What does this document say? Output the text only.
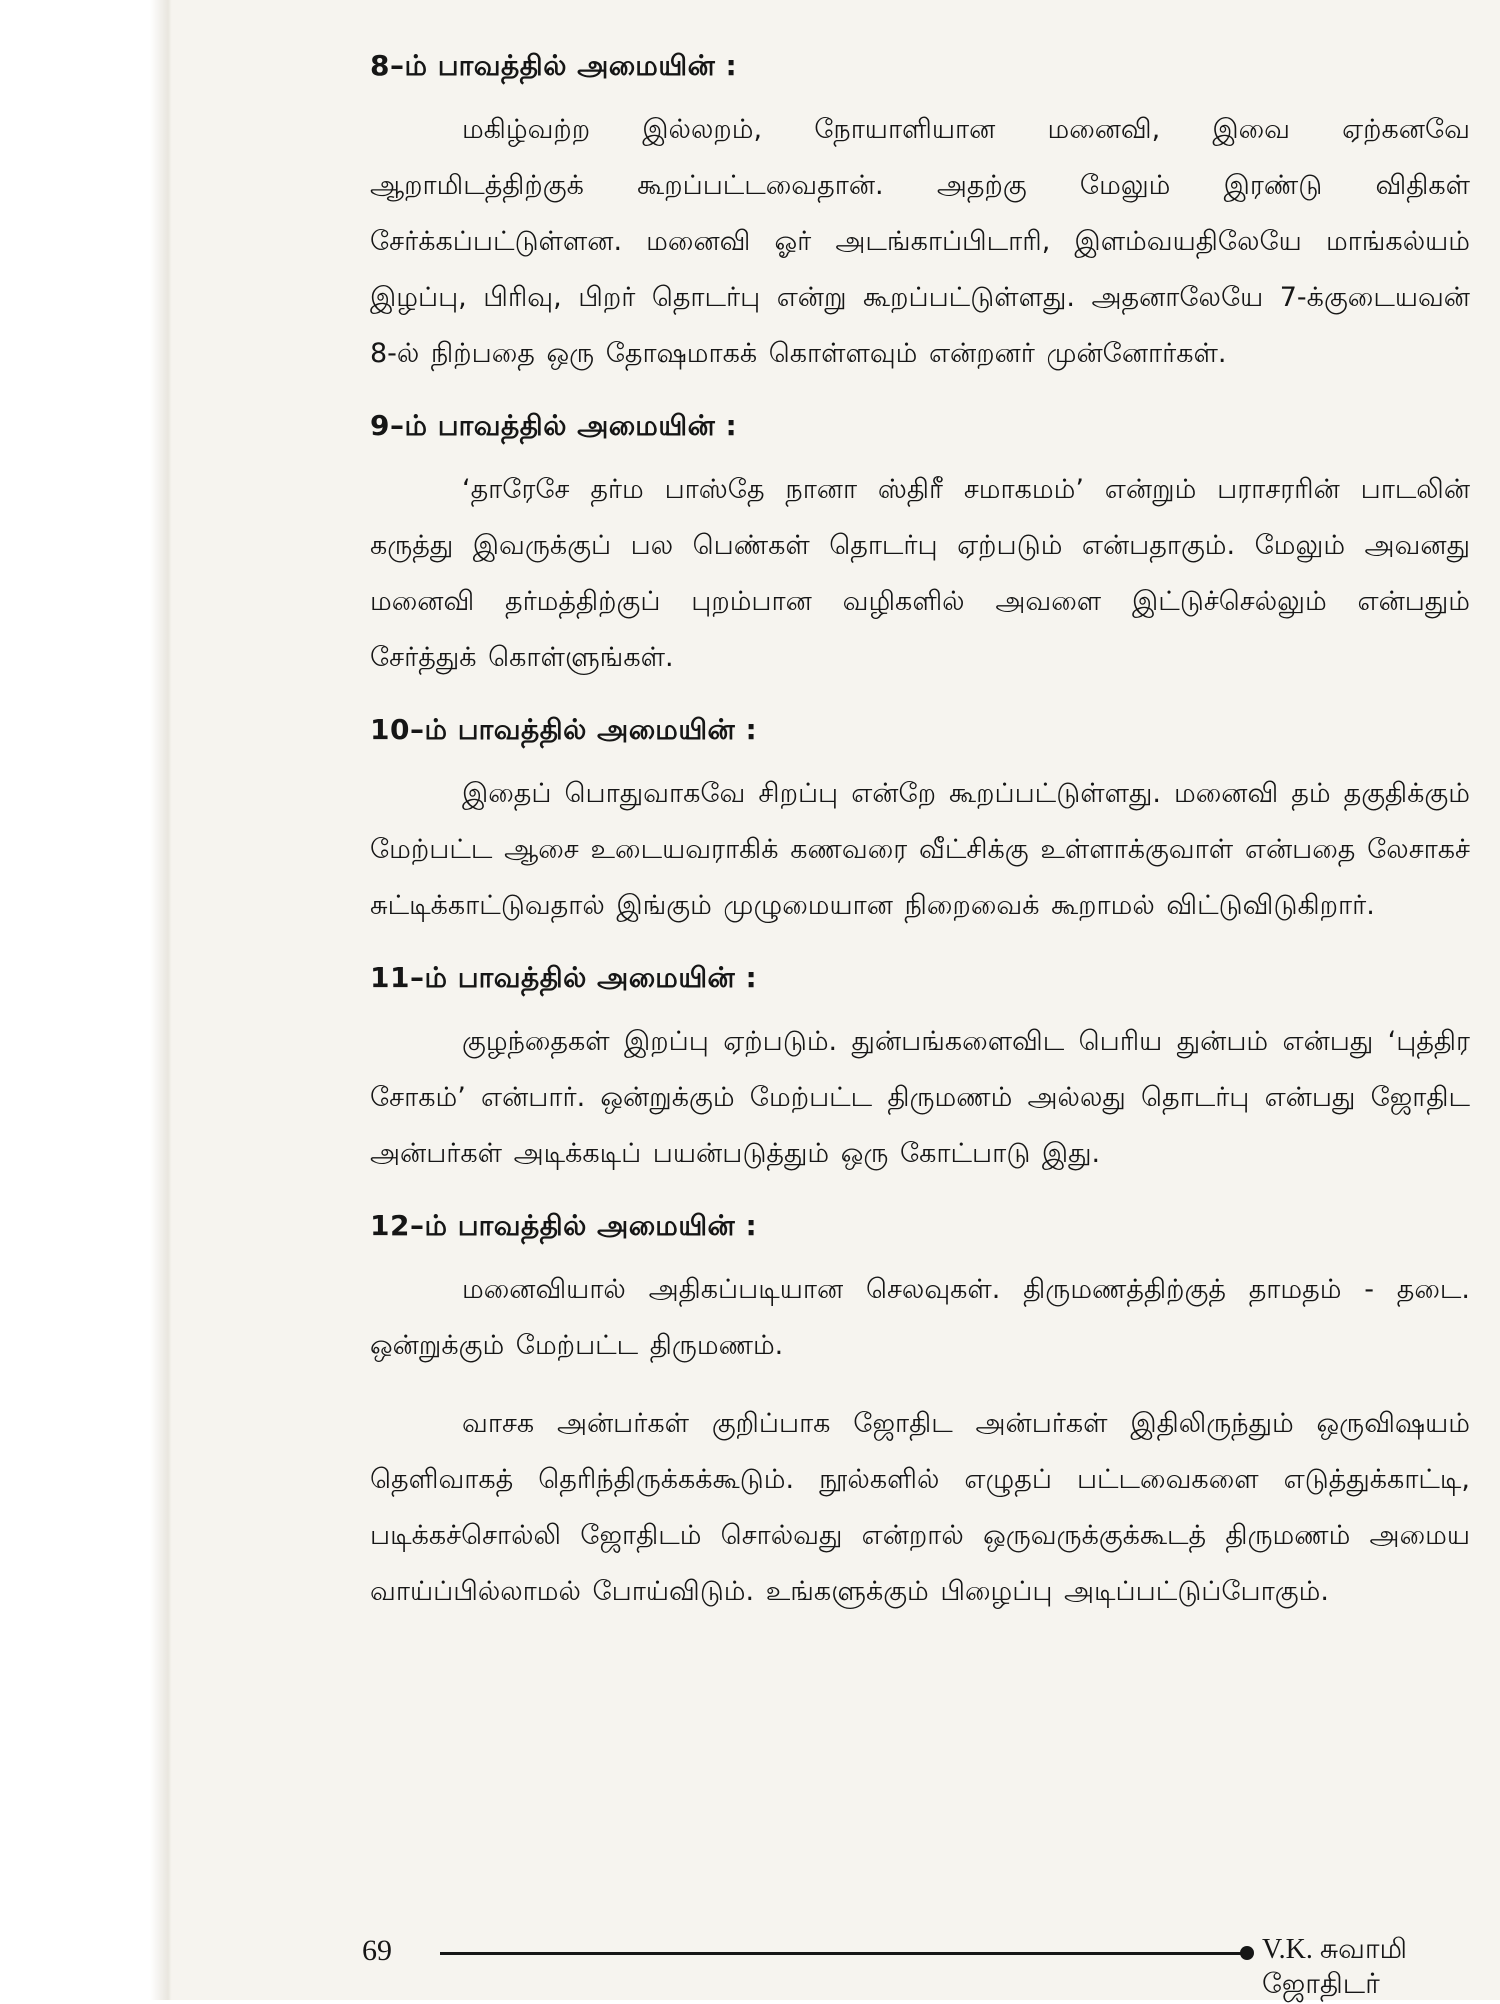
8–ம் பாவத்தில் அமையின் :

மகிழ்வற்ற இல்லறம், நோயாளியான மனைவி, இவை ஏற்கனவே ஆறாமிடத்திற்குக் கூறப்பட்டவைதான். அதற்கு மேலும் இரண்டு விதிகள் சேர்க்கப்பட்டுள்ளன. மனைவி ஓர் அடங்காப்பிடாரி, இளம்வயதிலேயே மாங்கல்யம் இழப்பு, பிரிவு, பிறர் தொடர்பு என்று கூறப்பட்டுள்ளது. அதனாலேயே 7-க்குடையவன் 8-ல் நிற்பதை ஒரு தோஷமாகக் கொள்ளவும் என்றனர் முன்னோர்கள்.

9–ம் பாவத்தில் அமையின் :

‘தாரேசே தர்ம பாஸ்தே நானா ஸ்திரீ சமாகமம்’ என்றும் பராசரரின் பாடலின் கருத்து இவருக்குப் பல பெண்கள் தொடர்பு ஏற்படும் என்பதாகும். மேலும் அவனது மனைவி தர்மத்திற்குப் புறம்பான வழிகளில் அவளை இட்டுச்செல்லும் என்பதும் சேர்த்துக் கொள்ளுங்கள்.

10–ம் பாவத்தில் அமையின் :

இதைப் பொதுவாகவே சிறப்பு என்றே கூறப்பட்டுள்ளது. மனைவி தம் தகுதிக்கும் மேற்பட்ட ஆசை உடையவராகிக் கணவரை வீட்சிக்கு உள்ளாக்குவாள் என்பதை லேசாகச் சுட்டிக்காட்டுவதால் இங்கும் முழுமையான நிறைவைக் கூறாமல் விட்டுவிடுகிறார்.

11–ம் பாவத்தில் அமையின் :

குழந்தைகள் இறப்பு ஏற்படும். துன்பங்களைவிட பெரிய துன்பம் என்பது ‘புத்திர சோகம்’ என்பார். ஒன்றுக்கும் மேற்பட்ட திருமணம் அல்லது தொடர்பு என்பது ஜோதிட அன்பர்கள் அடிக்கடிப் பயன்படுத்தும் ஒரு கோட்பாடு இது.

12–ம் பாவத்தில் அமையின் :

மனைவியால் அதிகப்படியான செலவுகள். திருமணத்திற்குத் தாமதம் - தடை. ஒன்றுக்கும் மேற்பட்ட திருமணம்.

வாசக அன்பர்கள் குறிப்பாக ஜோதிட அன்பர்கள் இதிலிருந்தும் ஒருவிஷயம் தெளிவாகத் தெரிந்திருக்கக்கூடும். நூல்களில் எழுதப் பட்டவைகளை எடுத்துக்காட்டி, படிக்கச்சொல்லி ஜோதிடம் சொல்வது என்றால் ஒருவருக்குக்கூடத் திருமணம் அமைய வாய்ப்பில்லாமல் போய்விடும். உங்களுக்கும் பிழைப்பு அடிப்பட்டுப்போகும்.

69	V.K. சுவாமி ஜோதிடர்
